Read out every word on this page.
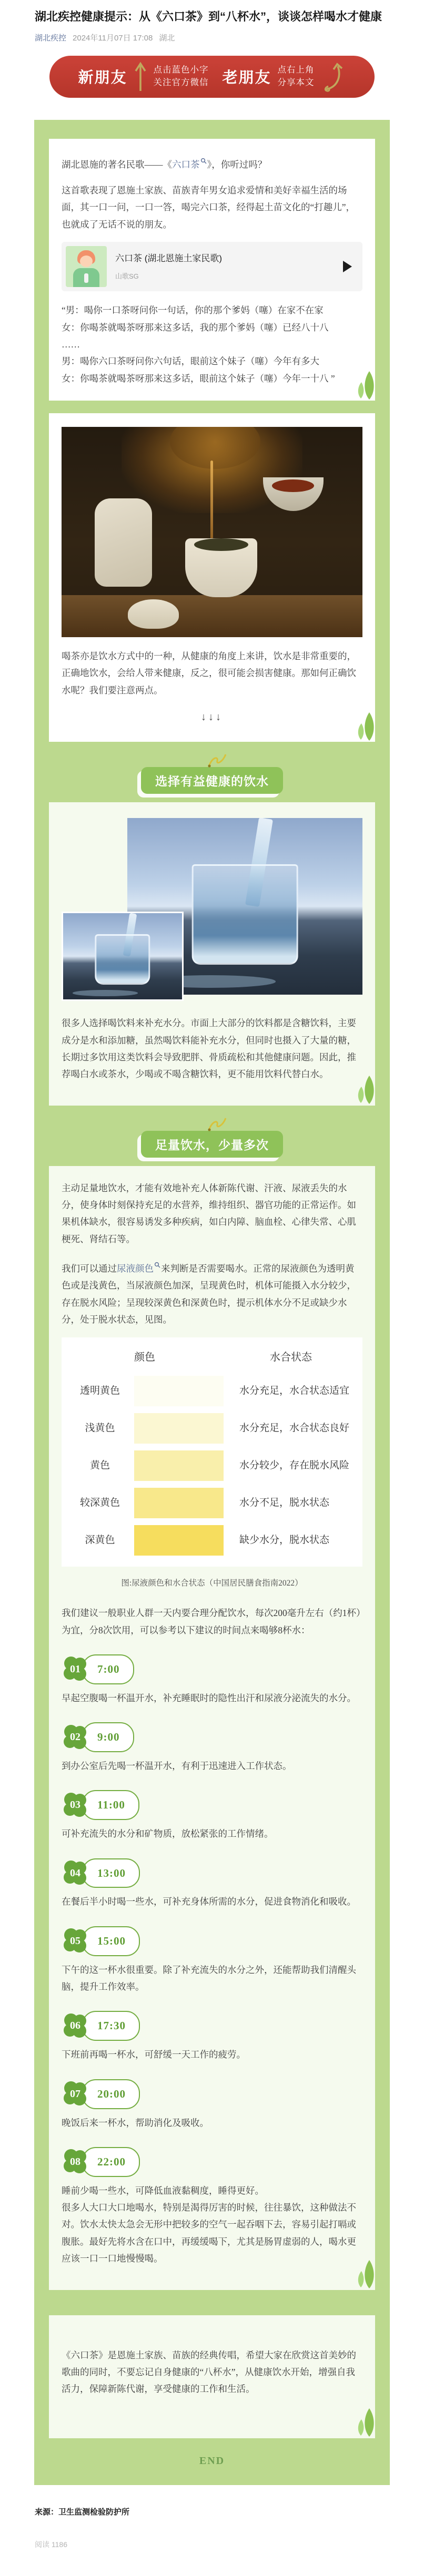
湖北疾控健康提示：从《六口茶》到“八杯水”，谈谈怎样喝水才健康
湖北疾控 2024年11月07日 17:08 湖北
新朋友	点击蓝色小字
关注官方微信 老朋友 点右上角
分享本文

湖北恩施的著名民歌——《六口茶 》，你听过吗？

这首歌表现了恩施土家族、苗族青年男女追求爱情和美好幸福生活的场面，其一口一问，一口一答，喝完六口茶，经得起土苗文化的“打趣儿”，也就成了无话不说的朋友。

六口茶 (湖北恩施土家民歌)
山歌SG
“男：喝你一口茶呀问你一句话，你的那个爹妈（噻）在家不在家
女：你喝茶就喝茶呀那来这多话，我的那个爹妈（噻）已经八十八
……
男：喝你六口茶呀问你六句话，眼前这个妹子（噻）今年有多大
女：你喝茶就喝茶呀那来这多话，眼前这个妹子（噻）今年一十八 ”

喝茶亦是饮水方式中的一种，从健康的角度上来讲，饮水是非常重要的，正确地饮水，会给人带来健康，反之，很可能会损害健康。那如何正确饮水呢？我们要注意两点。

↓↓↓
选择有益健康的饮水

很多人选择喝饮料来补充水分。市面上大部分的饮料都是含糖饮料，主要成分是水和添加糖，虽然喝饮料能补充水分，但同时也摄入了大量的糖，长期过多饮用这类饮料会导致肥胖、骨质疏松和其他健康问题。因此，推荐喝白水或茶水，少喝或不喝含糖饮料，更不能用饮料代替白水。

足量饮水，少量多次

主动足量地饮水，才能有效地补充人体新陈代谢、汗液、尿液丢失的水分，使身体时刻保持充足的水营养，维持组织、器官功能的正常运作。如果机体缺水，很容易诱发多种疾病，如白内障、脑血栓、心律失常、心肌梗死、肾结石等。

我们可以通过尿液颜色 来判断是否需要喝水。正常的尿液颜色为透明黄色或是浅黄色，当尿液颜色加深，呈现黄色时，机体可能摄入水分较少，存在脱水风险；呈现较深黄色和深黄色时，提示机体水分不足或缺少水分，处于脱水状态，见图。

颜色	水合状态
透明黄色	水分充足，水合状态适宜
浅黄色	水分充足，水合状态良好
黄色	水分较少，存在脱水风险
较深黄色	水分不足，脱水状态
深黄色	缺少水分，脱水状态
图:尿液颜色和水合状态（中国居民膳食指南2022）

我们建议一般职业人群一天内要合理分配饮水，每次200毫升左右（约1杯）为宜，分8次饮用，可以参考以下建议的时间点来喝够8杯水：

01	7:00

早起空腹喝一杯温开水，补充睡眠时的隐性出汗和尿液分泌流失的水分。

02	9:00

到办公室后先喝一杯温开水，有利于迅速进入工作状态。

03	11:00

可补充流失的水分和矿物质，放松紧张的工作情绪。

04	13:00

在餐后半小时喝一些水，可补充身体所需的水分，促进食物消化和吸收。

05	15:00

下午的这一杯水很重要。除了补充流失的水分之外，还能帮助我们清醒头脑，提升工作效率。

06	17:30

下班前再喝一杯水，可舒缓一天工作的疲劳。

07	20:00

晚饭后来一杯水，帮助消化及吸收。

08	22:00

睡前少喝一些水，可降低血液黏稠度，睡得更好。

很多人大口大口地喝水，特别是渴得厉害的时候，往往暴饮，这种做法不对。饮水太快太急会无形中把较多的空气一起吞咽下去，容易引起打嗝或腹胀。最好先将水含在口中，再缓缓喝下，尤其是肠胃虚弱的人，喝水更应该一口一口地慢慢喝。

《六口茶》是恩施土家族、苗族的经典传唱，希望大家在欣赏这首美妙的歌曲的同时，不要忘记自身健康的“八杯水”，从健康饮水开始，增强自我活力，保障新陈代谢，享受健康的工作和生活。

END
来源：卫生监测检验防护所
阅读 1186
